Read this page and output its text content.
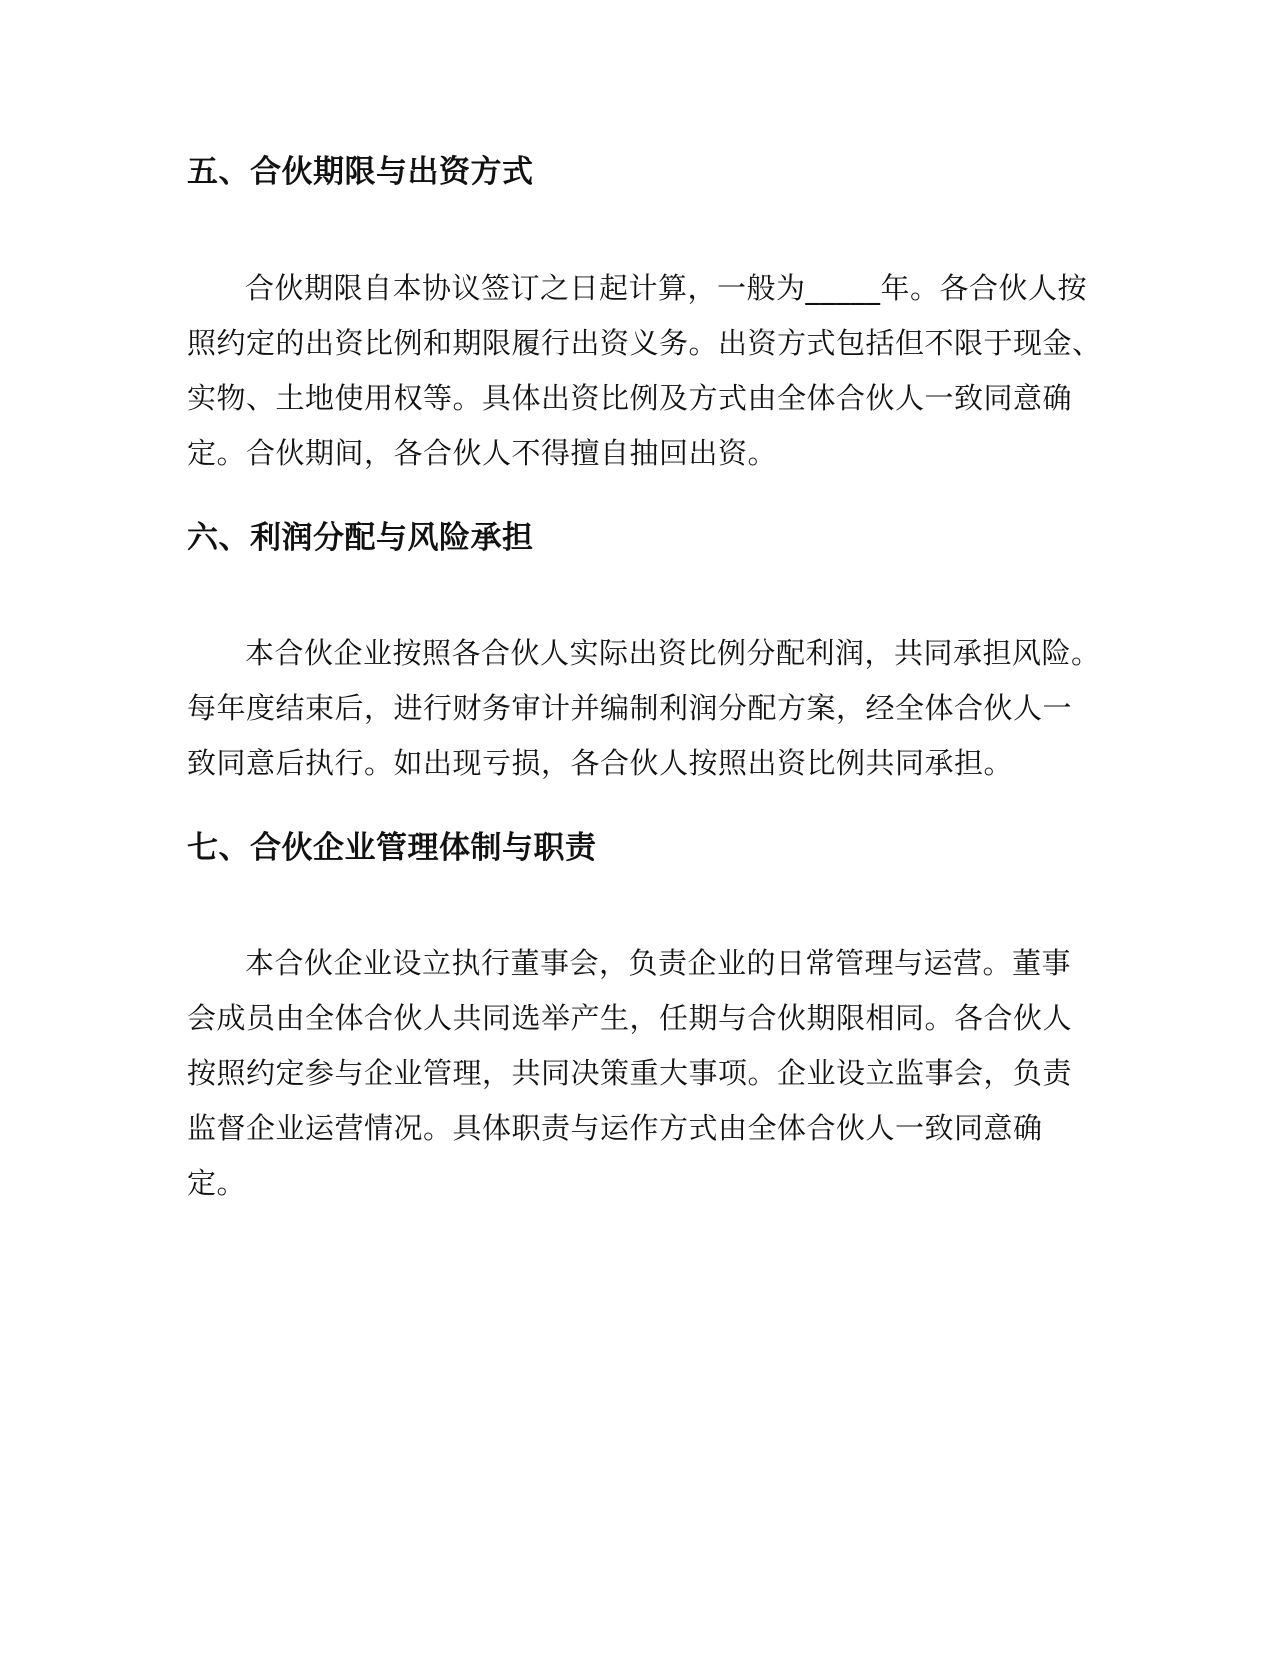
五、合伙期限与出资方式

合伙期限自本协议签订之日起计算，一般为_____年。各合伙人按

照约定的出资比例和期限履行出资义务。出资方式包括但不限于现金、

实物、土地使用权等。具体出资比例及方式由全体合伙人一致同意确

定。合伙期间，各合伙人不得擅自抽回出资。

六、利润分配与风险承担

本合伙企业按照各合伙人实际出资比例分配利润，共同承担风险。

每年度结束后，进行财务审计并编制利润分配方案，经全体合伙人一

致同意后执行。如出现亏损，各合伙人按照出资比例共同承担。

七、合伙企业管理体制与职责

本合伙企业设立执行董事会，负责企业的日常管理与运营。董事

会成员由全体合伙人共同选举产生，任期与合伙期限相同。各合伙人

按照约定参与企业管理，共同决策重大事项。企业设立监事会，负责

监督企业运营情况。具体职责与运作方式由全体合伙人一致同意确

定。
